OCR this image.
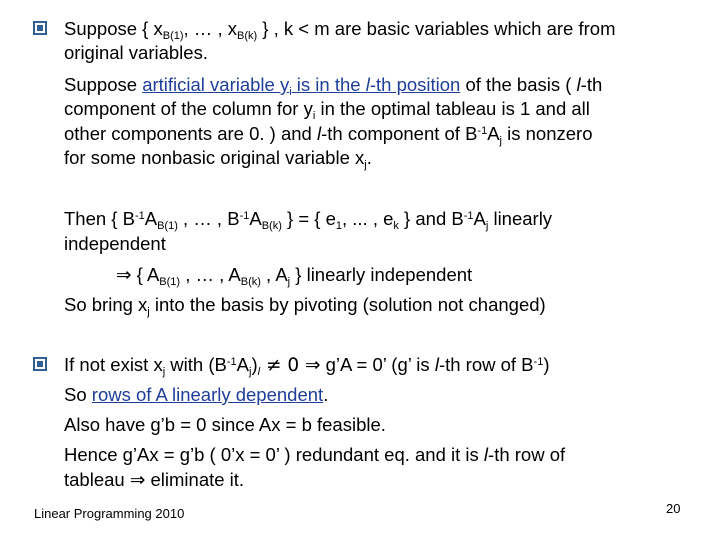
Suppose { $x_{B(1)}$, … , $x_{B(k)}$ } , k < m are basic variables which are from

original variables.

Suppose artificial variable $y_i$ is in the l-th position of the basis ( l-th

component of the column for $y_i$ in the optimal tableau is 1 and all

other components are 0. ) and l-th component of $B^{-1}A_j$ is nonzero

for some nonbasic original variable $x_j$.

Then { $B^{-1}A_{B(1)}$ , … , $B^{-1}A_{B(k)}$ } = { $e_1$, ... , $e_k$ } and $B^{-1}A_j$ linearly

independent

⇒ { $A_{B(1)}$ , … , $A_{B(k)}$ , $A_j$ } linearly independent

So bring $x_j$ into the basis by pivoting (solution not changed)

If not exist $x_j$ with $(B^{-1}A_j)_l \ne 0$ ⇒ g’A = 0’ (g’ is l-th row of $B^{-1}$)

So rows of A linearly dependent.

Also have g’b = 0 since Ax = b feasible.

Hence g’Ax = g’b ( 0’x = 0’ ) redundant eq. and it is l-th row of

tableau ⇒ eliminate it.

Linear Programming 2010	20
